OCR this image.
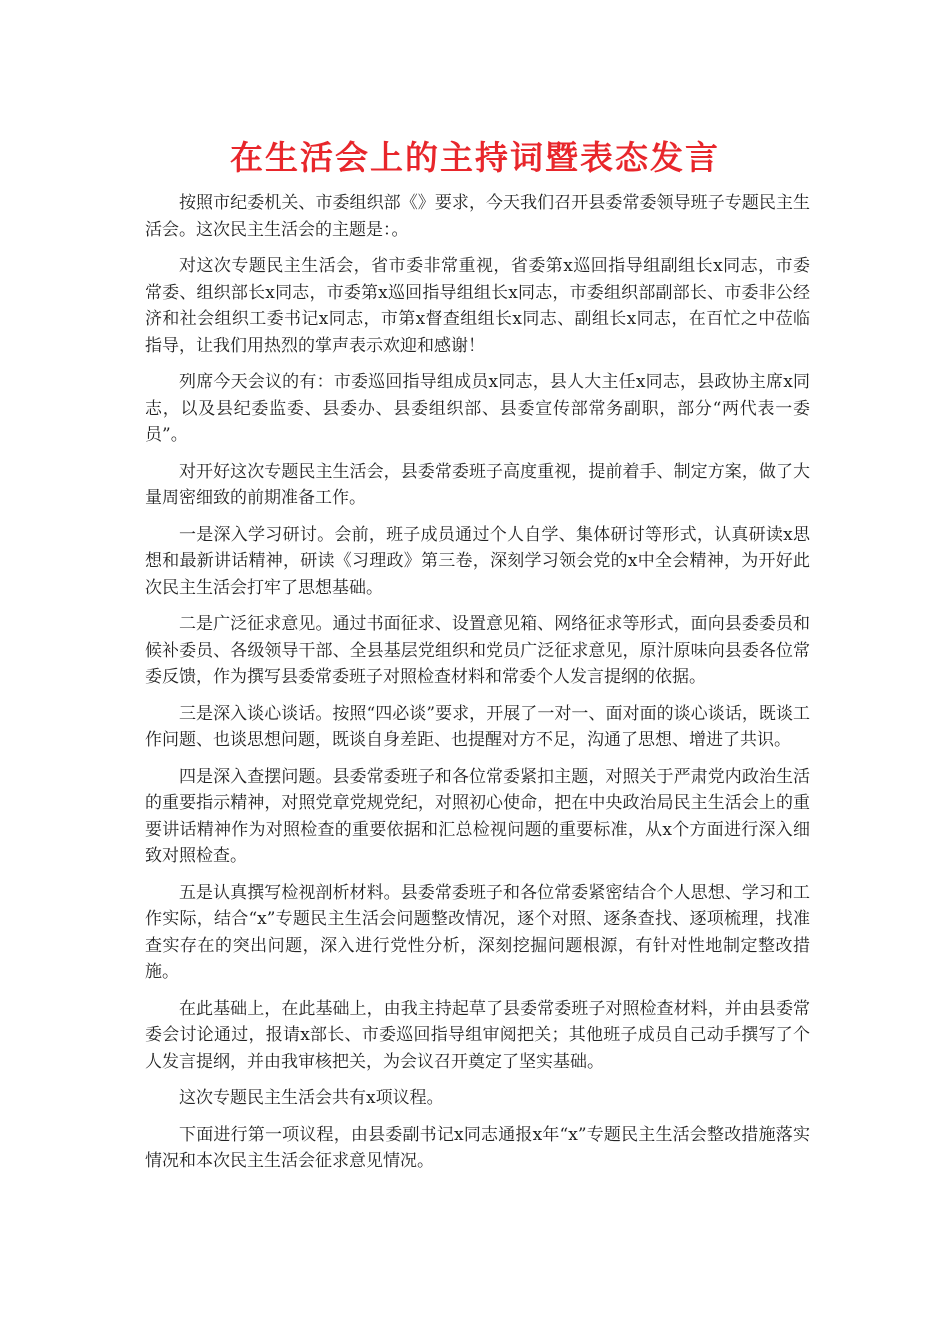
在生活会上的主持词暨表态发言

按照市纪委机关、市委组织部《》要求，今天我们召开县委常委领导班子专题民主生活会。这次民主生活会的主题是：。

对这次专题民主生活会，省市委非常重视，省委第x巡回指导组副组长x同志，市委常委、组织部长x同志，市委第x巡回指导组组长x同志，市委组织部副部长、市委非公经济和社会组织工委书记x同志，市第x督查组组长x同志、副组长x同志，在百忙之中莅临指导，让我们用热烈的掌声表示欢迎和感谢！

列席今天会议的有：市委巡回指导组成员x同志，县人大主任x同志，县政协主席x同志，以及县纪委监委、县委办、县委组织部、县委宣传部常务副职，部分“两代表一委员”。

对开好这次专题民主生活会，县委常委班子高度重视，提前着手、制定方案，做了大量周密细致的前期准备工作。

一是深入学习研讨。会前，班子成员通过个人自学、集体研讨等形式，认真研读x思想和最新讲话精神，研读《习理政》第三卷，深刻学习领会党的x中全会精神，为开好此次民主生活会打牢了思想基础。

二是广泛征求意见。通过书面征求、设置意见箱、网络征求等形式，面向县委委员和候补委员、各级领导干部、全县基层党组织和党员广泛征求意见，原汁原味向县委各位常委反馈，作为撰写县委常委班子对照检查材料和常委个人发言提纲的依据。

三是深入谈心谈话。按照“四必谈”要求，开展了一对一、面对面的谈心谈话，既谈工作问题、也谈思想问题，既谈自身差距、也提醒对方不足，沟通了思想、增进了共识。

四是深入查摆问题。县委常委班子和各位常委紧扣主题，对照关于严肃党内政治生活的重要指示精神，对照党章党规党纪，对照初心使命，把在中央政治局民主生活会上的重要讲话精神作为对照检查的重要依据和汇总检视问题的重要标准，从x个方面进行深入细致对照检查。

五是认真撰写检视剖析材料。县委常委班子和各位常委紧密结合个人思想、学习和工作实际，结合“x”专题民主生活会问题整改情况，逐个对照、逐条查找、逐项梳理，找准查实存在的突出问题，深入进行党性分析，深刻挖掘问题根源，有针对性地制定整改措施。

在此基础上，在此基础上，由我主持起草了县委常委班子对照检查材料，并由县委常委会讨论通过，报请x部长、市委巡回指导组审阅把关；其他班子成员自己动手撰写了个人发言提纲，并由我审核把关，为会议召开奠定了坚实基础。

这次专题民主生活会共有x项议程。

下面进行第一项议程，由县委副书记x同志通报x年“x”专题民主生活会整改措施落实情况和本次民主生活会征求意见情况。
